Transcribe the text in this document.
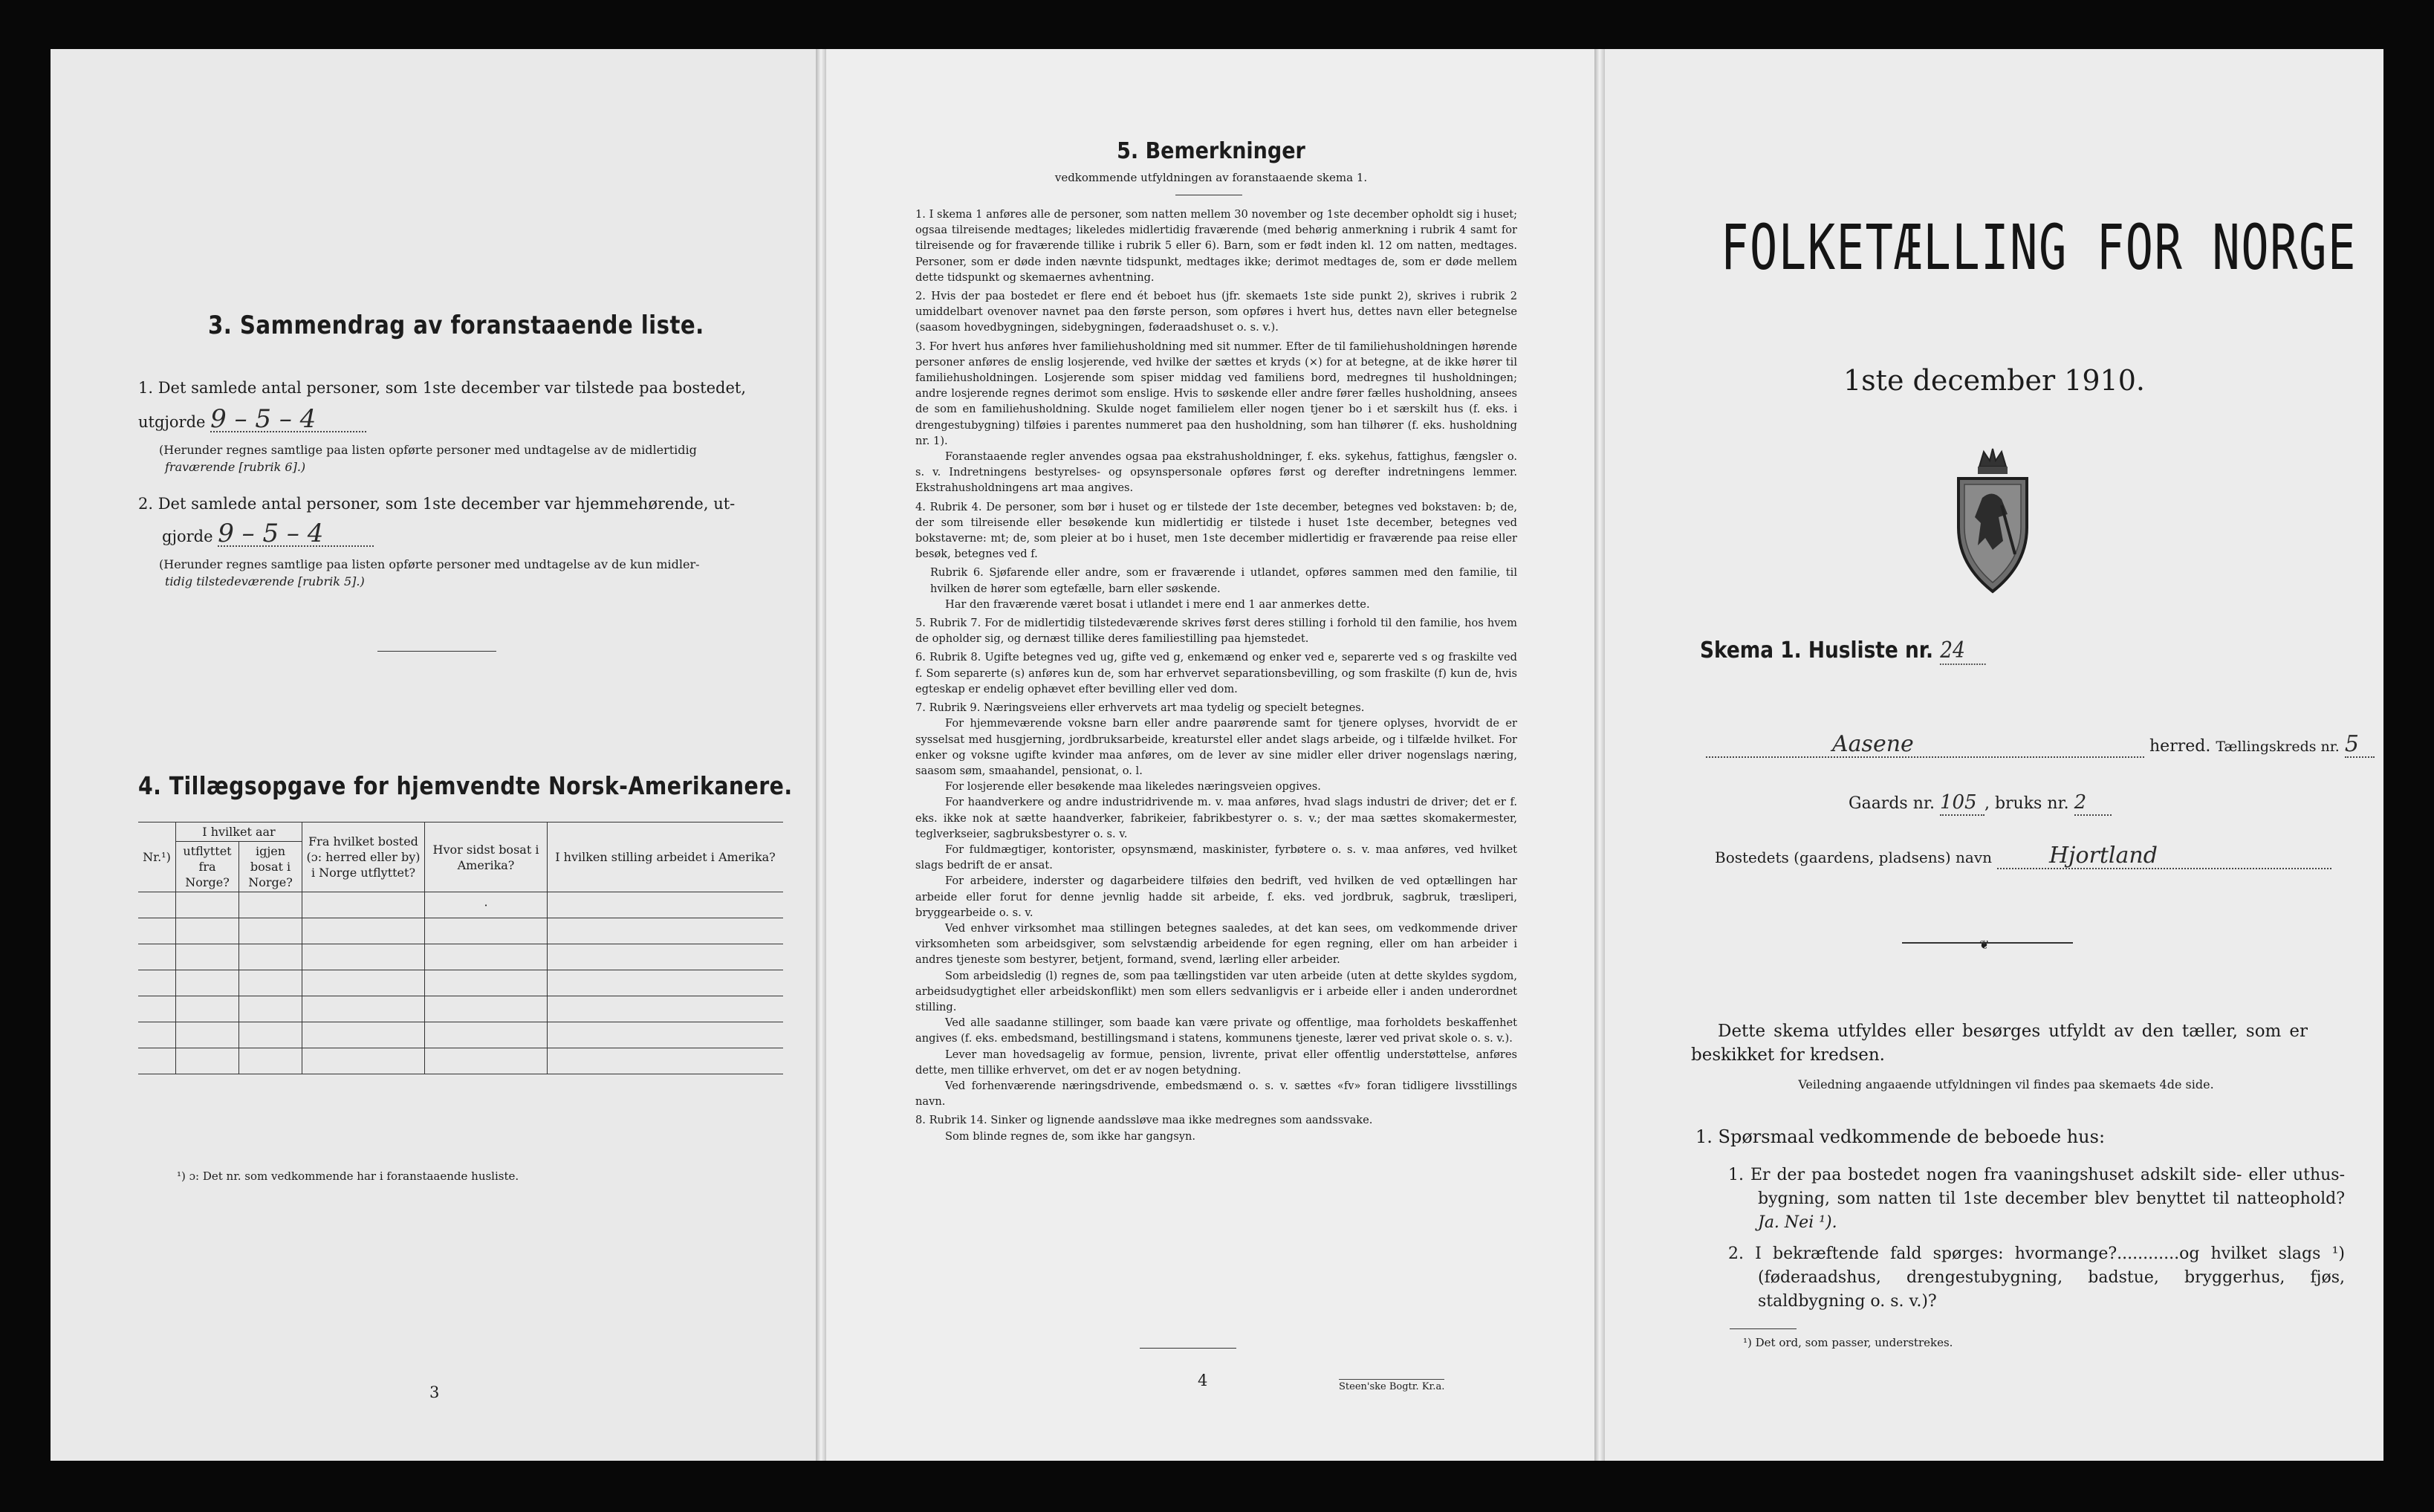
3. Sammendrag av foranstaaende liste.
1. Det samlede antal personer, som 1ste december var tilstede paa bostedet,
utgjorde 9 – 5 – 4
(Herunder regnes samtlige paa listen opførte personer med undtagelse av de midlertidig
fraværende [rubrik 6].)
2. Det samlede antal personer, som 1ste december var hjemmehørende, ut-
gjorde 9 – 5 – 4
(Herunder regnes samtlige paa listen opførte personer med undtagelse av de kun midler-
tidig tilstedeværende [rubrik 5].)
4. Tillægsopgave for hjemvendte Norsk-Amerikanere.
Nr.¹)	I hvilket aar		Fra hvilket bosted (ɔ: herred eller by) i Norge utflyttet?	Hvor sidst bosat i Amerika?	I hvilken stilling arbeidet i Amerika?
	utflyttet fra Norge?	igjen bosat i Norge?			
				·	

¹) ɔ: Det nr. som vedkommende har i foranstaaende husliste.
3
5. Bemerkninger
vedkommende utfyldningen av foranstaaende skema 1.

1. I skema 1 anføres alle de personer, som natten mellem 30 november og 1ste december opholdt sig i huset; ogsaa tilreisende medtages; likeledes midlertidig fraværende (med behørig anmerkning i rubrik 4 samt for tilreisende og for fraværende tillike i rubrik 5 eller 6). Barn, som er født inden kl. 12 om natten, medtages. Personer, som er døde inden nævnte tidspunkt, medtages ikke; derimot medtages de, som er døde mellem dette tidspunkt og skemaernes avhentning.

2. Hvis der paa bostedet er flere end ét beboet hus (jfr. skemaets 1ste side punkt 2), skrives i rubrik 2 umiddelbart ovenover navnet paa den første person, som opføres i hvert hus, dettes navn eller betegnelse (saasom hovedbygningen, sidebygningen, føderaadshuset o. s. v.).

3. For hvert hus anføres hver familiehusholdning med sit nummer. Efter de til familiehusholdningen hørende personer anføres de enslig losjerende, ved hvilke der sættes et kryds (×) for at betegne, at de ikke hører til familiehusholdningen. Losjerende som spiser middag ved familiens bord, medregnes til husholdningen; andre losjerende regnes derimot som enslige. Hvis to søskende eller andre fører fælles husholdning, ansees de som en familiehusholdning. Skulde noget familielem eller nogen tjener bo i et særskilt hus (f. eks. i drengestubygning) tilføies i parentes nummeret paa den husholdning, som han tilhører (f. eks. husholdning nr. 1).

Foranstaaende regler anvendes ogsaa paa ekstrahusholdninger, f. eks. sykehus, fattighus, fængsler o. s. v. Indretningens bestyrelses- og opsynspersonale opføres først og derefter indretningens lemmer. Ekstrahusholdningens art maa angives.

4. Rubrik 4. De personer, som bør i huset og er tilstede der 1ste december, betegnes ved bokstaven: b; de, der som tilreisende eller besøkende kun midlertidig er tilstede i huset 1ste december, betegnes ved bokstaverne: mt; de, som pleier at bo i huset, men 1ste december midlertidig er fraværende paa reise eller besøk, betegnes ved f.

Rubrik 6. Sjøfarende eller andre, som er fraværende i utlandet, opføres sammen med den familie, til hvilken de hører som egtefælle, barn eller søskende.

Har den fraværende været bosat i utlandet i mere end 1 aar anmerkes dette.

5. Rubrik 7. For de midlertidig tilstedeværende skrives først deres stilling i forhold til den familie, hos hvem de opholder sig, og dernæst tillike deres familiestilling paa hjemstedet.

6. Rubrik 8. Ugifte betegnes ved ug, gifte ved g, enkemænd og enker ved e, separerte ved s og fraskilte ved f. Som separerte (s) anføres kun de, som har erhvervet separationsbevilling, og som fraskilte (f) kun de, hvis egteskap er endelig ophævet efter bevilling eller ved dom.

7. Rubrik 9. Næringsveiens eller erhvervets art maa tydelig og specielt betegnes.

For hjemmeværende voksne barn eller andre paarørende samt for tjenere oplyses, hvorvidt de er sysselsat med husgjerning, jordbruksarbeide, kreaturstel eller andet slags arbeide, og i tilfælde hvilket. For enker og voksne ugifte kvinder maa anføres, om de lever av sine midler eller driver nogenslags næring, saasom søm, smaahandel, pensionat, o. l.

For losjerende eller besøkende maa likeledes næringsveien opgives.

For haandverkere og andre industridrivende m. v. maa anføres, hvad slags industri de driver; det er f. eks. ikke nok at sætte haandverker, fabrikeier, fabrikbestyrer o. s. v.; der maa sættes skomakermester, teglverkseier, sagbruksbestyrer o. s. v.

For fuldmægtiger, kontorister, opsynsmænd, maskinister, fyrbøtere o. s. v. maa anføres, ved hvilket slags bedrift de er ansat.

For arbeidere, inderster og dagarbeidere tilføies den bedrift, ved hvilken de ved optællingen har arbeide eller forut for denne jevnlig hadde sit arbeide, f. eks. ved jordbruk, sagbruk, træsliperi, bryggearbeide o. s. v.

Ved enhver virksomhet maa stillingen betegnes saaledes, at det kan sees, om vedkommende driver virksomheten som arbeidsgiver, som selvstændig arbeidende for egen regning, eller om han arbeider i andres tjeneste som bestyrer, betjent, formand, svend, lærling eller arbeider.

Som arbeidsledig (l) regnes de, som paa tællingstiden var uten arbeide (uten at dette skyldes sygdom, arbeidsudygtighet eller arbeidskonflikt) men som ellers sedvanligvis er i arbeide eller i anden underordnet stilling.

Ved alle saadanne stillinger, som baade kan være private og offentlige, maa forholdets beskaffenhet angives (f. eks. embedsmand, bestillingsmand i statens, kommunens tjeneste, lærer ved privat skole o. s. v.).

Lever man hovedsagelig av formue, pension, livrente, privat eller offentlig understøttelse, anføres dette, men tillike erhvervet, om det er av nogen betydning.

Ved forhenværende næringsdrivende, embedsmænd o. s. v. sættes «fv» foran tidligere livsstillings navn.

8. Rubrik 14. Sinker og lignende aandssløve maa ikke medregnes som aandssvake.

Som blinde regnes de, som ikke har gangsyn.

4	Steen'ske Bogtr. Kr.a.
FOLKETÆLLING FOR NORGE
1ste december 1910.
Skema 1. Husliste nr. 24
Aasene	herred. Tællingskreds nr. 5
Gaards nr. 105 , bruks nr. 2
Bostedets (gaardens, pladsens) navn	Hjortland
❦
Dette skema utfyldes eller besørges utfyldt av den tæller, som er beskikket for kredsen.
Veiledning angaaende utfyldningen vil findes paa skemaets 4de side.
1. Spørsmaal vedkommende de beboede hus:
1. Er der paa bostedet nogen fra vaaningshuset adskilt side- eller uthus-bygning, som natten til 1ste december blev benyttet til natteophold? Ja. Nei ¹).
2. I bekræftende fald spørges: hvormange?............og hvilket slags ¹) (føderaadshus, drengestubygning, badstue, bryggerhus, fjøs, staldbygning o. s. v.)?
¹) Det ord, som passer, understrekes.
